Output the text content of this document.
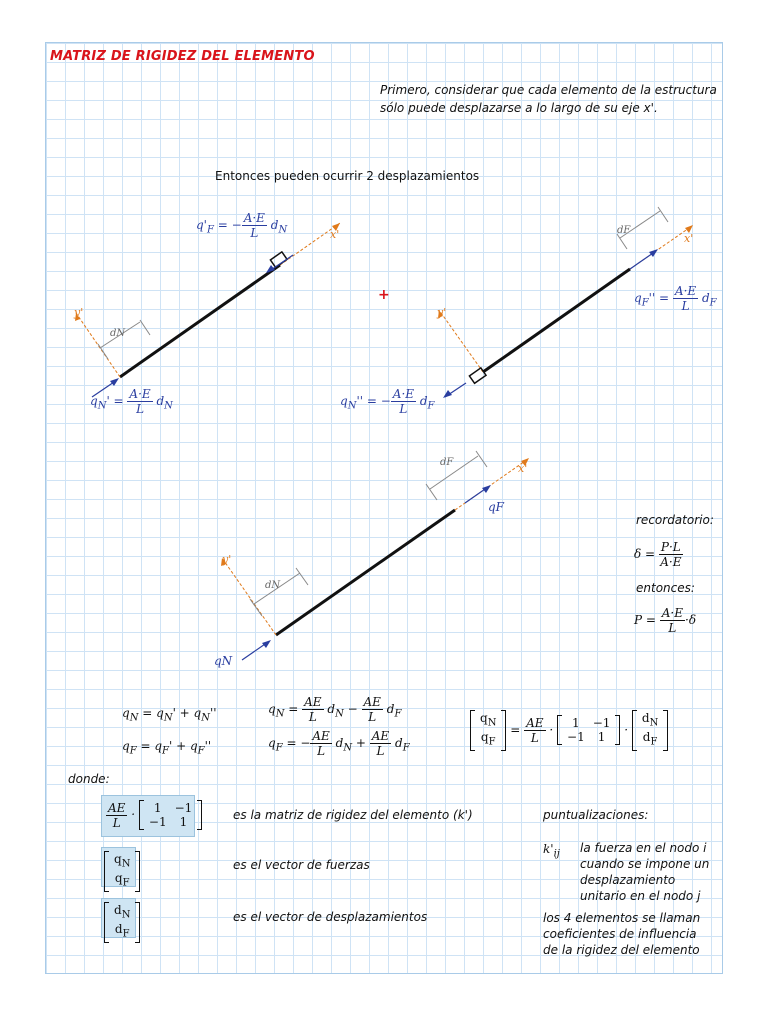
MATRIZ DE RIGIDEZ DEL ELEMENTO
Primero, considerar que cada elemento de la estructura
sólo puede desplazarse a lo largo de su eje x'.
Entonces pueden ocurrir 2 desplazamientos
y'
x'
dN
y'
x'
dF
y'
x'
dN
dF
qF
qN
+
$q'_F$ = − $\frac{A\cdot E}{L} d_N$
$q_N' = \frac{A\cdot E}{L} d_N$
$q_F'' = \frac{A\cdot E}{L} d_F$
$q_N''$ = − $\frac{A\cdot E}{L} d_F$
recordatorio:
$\delta = \frac{P\cdot L}{A\cdot E}$
entonces:
$P = \frac{A\cdot E}{L} \cdot\delta$
$q_N = q_N' + q_N''$
$q_F = q_F' + q_F''$
$q_N = \frac{AE}{L} d_N - \frac{AE}{L} d_F$
$q_F$ = − $\frac{AE}{L} d_N + \frac{AE}{L} d_F$
$q_N$
$q_F$
= $\frac{AE}{L} \cdot 1$	−1
−1	1
·
$d_N$
$d_F$
donde:
$\frac{AE}{L} \cdot 1$	−1
−1	1	es la matriz de rigidez del elemento (k')
$q_N$
$q_F$
es el vector de fuerzas
$d_N$
$d_F$
es el vector de desplazamientos
puntualizaciones:
$k'_{ij}$ la fuerza en el nodo i
cuando se impone un
desplazamiento
unitario en el nodo j
los 4 elementos se llaman
coeficientes de influencia
de la rigidez del elemento
